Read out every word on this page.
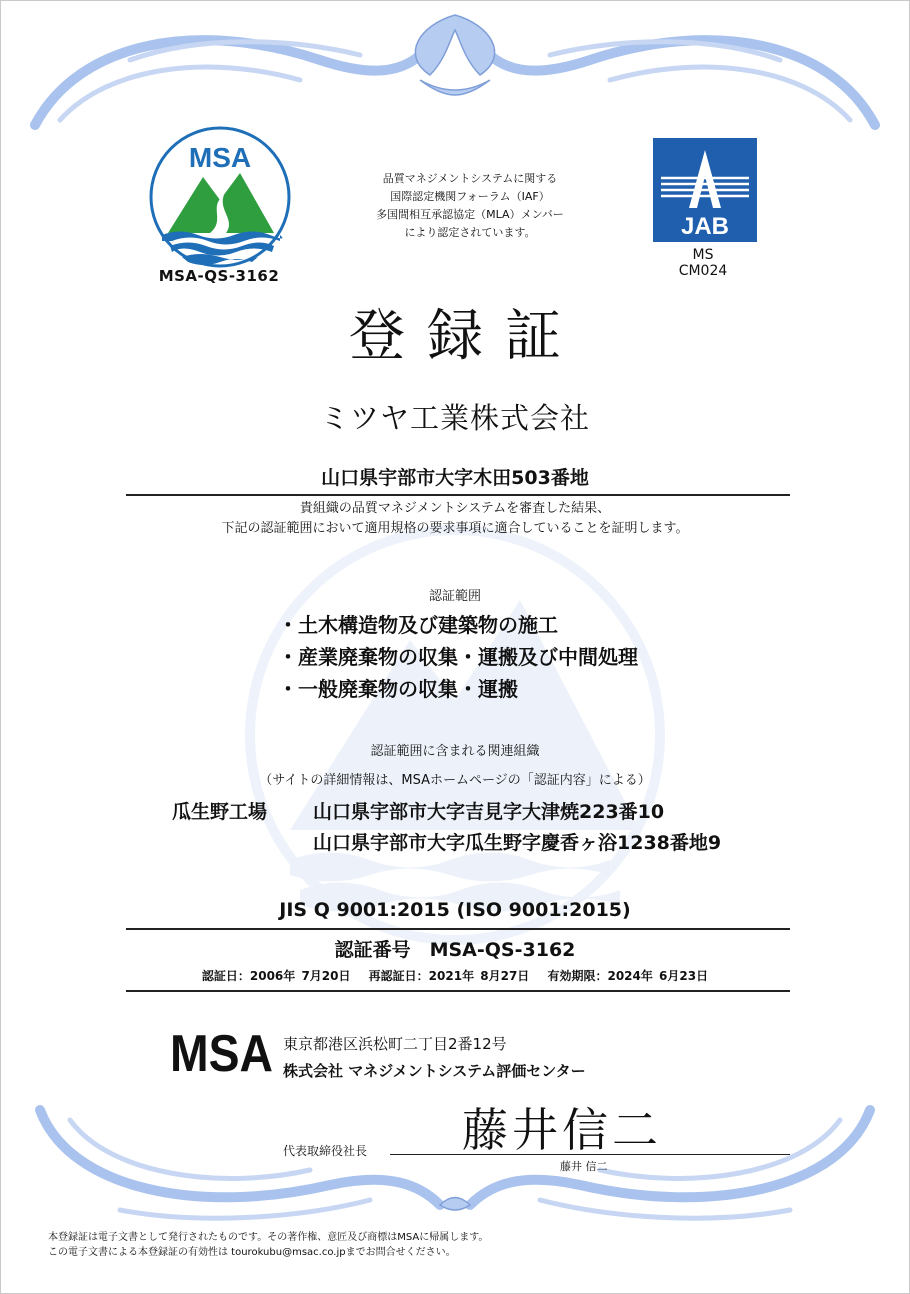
MSA
MSA-QS-3162
品質マネジメントシステムに関する
国際認定機関フォーラム（IAF）
多国間相互承認協定（MLA）メンバー
により認定されています。	JAB
MS
CM024
登録証
ミツヤ工業株式会社
山口県宇部市大字木田503番地
貴組織の品質マネジメントシステムを審査した結果、
下記の認証範囲において適用規格の要求事項に適合していることを証明します。
認証範囲
・土木構造物及び建築物の施工
・産業廃棄物の収集・運搬及び中間処理
・一般廃棄物の収集・運搬
認証範囲に含まれる関連組織
（サイトの詳細情報は、MSAホームページの「認証内容」による）
瓜生野工場 山口県宇部市大字吉見字大津焼223番10
山口県宇部市大字瓜生野字慶香ヶ浴1238番地9
JIS Q 9001:2015 (ISO 9001:2015)
認証番号　MSA-QS-3162
認証日：2006年 7月20日　 再認証日：2021年 8月27日　 有効期限：2024年 6月23日
MSA 東京都港区浜松町二丁目2番12号
株式会社 マネジメントシステム評価センター
代表取締役社長 藤井信二
藤井 信二
本登録証は電子文書として発行されたものです。その著作権、意匠及び商標はMSAに帰属します。
この電子文書による本登録証の有効性は tourokubu@msac.co.jpまでお問合せください。
